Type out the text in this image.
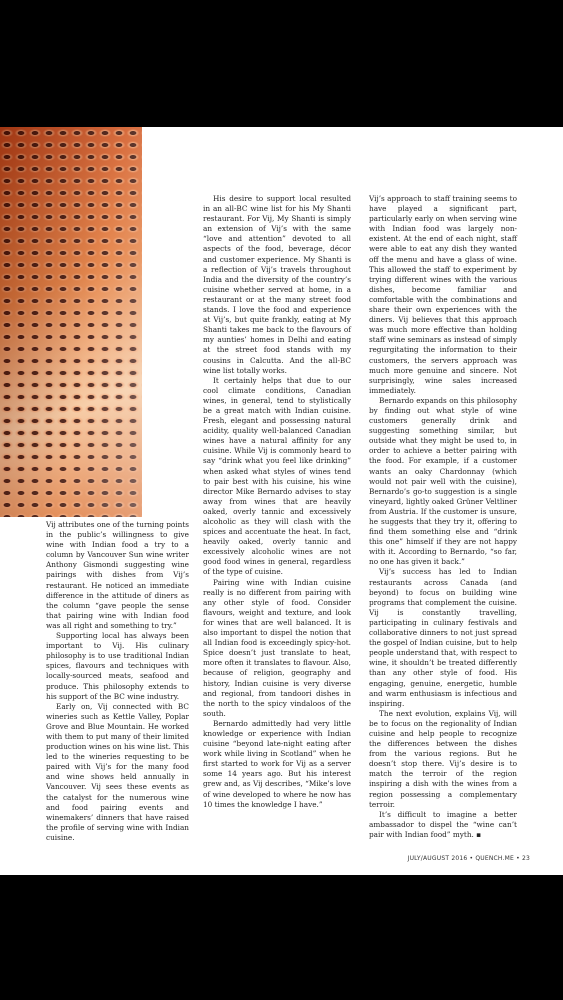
Vij attributes one of the turning points in the public’s willingness to give wine with Indian food a try to a column by Vancouver Sun wine writer Anthony Gismondi suggesting wine pairings with dishes from Vij’s restaurant. He noticed an immediate difference in the attitude of diners as the column “gave people the sense that pairing wine with Indian food was all right and something to try.”

Supporting local has always been important to Vij. His culinary philosophy is to use traditional Indian spices, flavours and techniques with locally-sourced meats, seafood and produce. This philosophy extends to his support of the BC wine industry.

Early on, Vij connected with BC wineries such as Kettle Valley, Poplar Grove and Blue Mountain. He worked with them to put many of their limited production wines on his wine list. This led to the wineries requesting to be paired with Vij’s for the many food and wine shows held annually in Vancouver. Vij sees these events as the catalyst for the numerous wine and food pairing events and winemakers’ dinners that have raised the profile of serving wine with Indian cuisine.

His desire to support local resulted in an all-BC wine list for his My Shanti restaurant. For Vij, My Shanti is simply an extension of Vij’s with the same “love and attention” devoted to all aspects of the food, beverage, décor and customer experience. My Shanti is a reflection of Vij’s travels throughout India and the diversity of the country’s cuisine whether served at home, in a restaurant or at the many street food stands. I love the food and experience at Vij’s, but quite frankly, eating at My Shanti takes me back to the flavours of my aunties’ homes in Delhi and eating at the street food stands with my cousins in Calcutta. And the all-BC wine list totally works.

It certainly helps that due to our cool climate conditions, Canadian wines, in general, tend to stylistically be a great match with Indian cuisine. Fresh, elegant and possessing natural acidity, quality well-balanced Canadian wines have a natural affinity for any cuisine. While Vij is commonly heard to say “drink what you feel like drinking” when asked what styles of wines tend to pair best with his cuisine, his wine director Mike Bernardo advises to stay away from wines that are heavily oaked, overly tannic and excessively alcoholic as they will clash with the spices and accentuate the heat. In fact, heavily oaked, overly tannic and excessively alcoholic wines are not good food wines in general, regardless of the type of cuisine.

Pairing wine with Indian cuisine really is no different from pairing with any other style of food. Consider flavours, weight and texture, and look for wines that are well balanced. It is also important to dispel the notion that all Indian food is exceedingly spicy-hot. Spice doesn’t just translate to heat, more often it translates to flavour. Also, because of religion, geography and history, Indian cuisine is very diverse and regional, from tandoori dishes in the north to the spicy vindaloos of the south.

Bernardo admittedly had very little knowledge or experience with Indian cuisine “beyond late-night eating after work while living in Scotland” when he first started to work for Vij as a server some 14 years ago. But his interest grew and, as Vij describes, “Mike’s love of wine developed to where he now has 10 times the knowledge I have.”

Vij’s approach to staff training seems to have played a significant part, particularly early on when serving wine with Indian food was largely non-existent. At the end of each night, staff were able to eat any dish they wanted off the menu and have a glass of wine. This allowed the staff to experiment by trying different wines with the various dishes, become familiar and comfortable with the combinations and share their own experiences with the diners. Vij believes that this approach was much more effective than holding staff wine seminars as instead of simply regurgitating the information to their customers, the servers approach was much more genuine and sincere. Not surprisingly, wine sales increased immediately.

Bernardo expands on this philosophy by finding out what style of wine customers generally drink and suggesting something similar, but outside what they might be used to, in order to achieve a better pairing with the food. For example, if a customer wants an oaky Chardonnay (which would not pair well with the cuisine), Bernardo’s go-to suggestion is a single vineyard, lightly oaked Grüner Veltliner from Austria. If the customer is unsure, he suggests that they try it, offering to find them something else and “drink this one” himself if they are not happy with it. According to Bernardo, “so far, no one has given it back.”

Vij’s success has led to Indian restaurants across Canada (and beyond) to focus on building wine programs that complement the cuisine. Vij is constantly travelling, participating in culinary festivals and collaborative dinners to not just spread the gospel of Indian cuisine, but to help people understand that, with respect to wine, it shouldn’t be treated differently than any other style of food. His engaging, genuine, energetic, humble and warm enthusiasm is infectious and inspiring.

The next evolution, explains Vij, will be to focus on the regionality of Indian cuisine and help people to recognize the differences between the dishes from the various regions. But he doesn’t stop there. Vij’s desire is to match the terroir of the region inspiring a dish with the wines from a region possessing a complementary terroir.

It’s difficult to imagine a better ambassador to dispel the “wine can’t pair with Indian food” myth. ▪

JULY/AUGUST 2016 • QUENCH.ME • 23
